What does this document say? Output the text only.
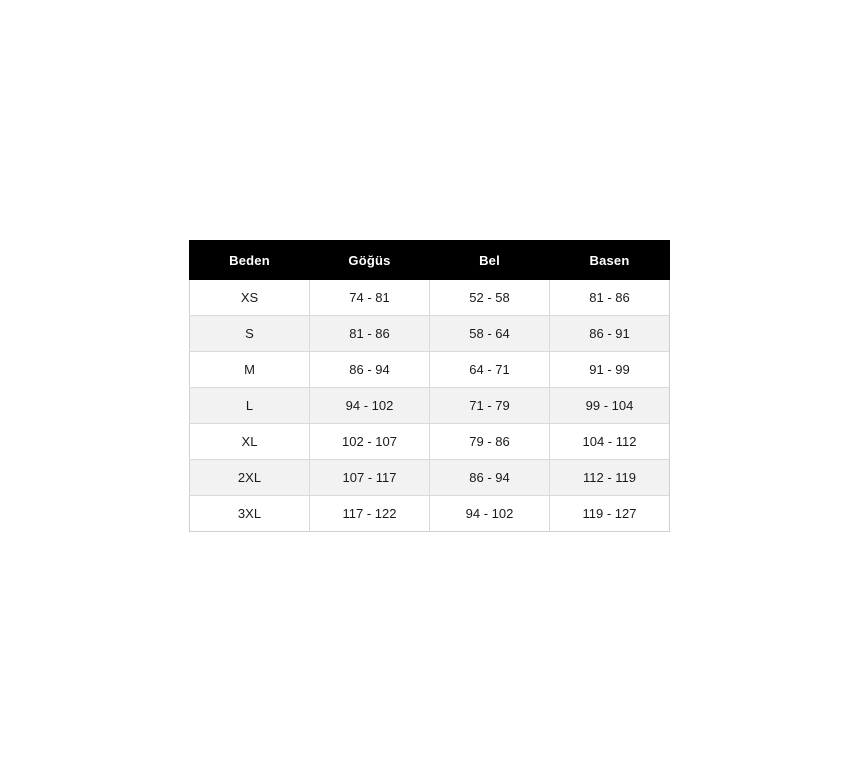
Beden	Göğüs	Bel	Basen
XS	74 - 81	52 - 58	81 - 86
S	81 - 86	58 - 64	86 - 91
M	86 - 94	64 - 71	91 - 99
L	94 - 102	71 - 79	99 - 104
XL	102 - 107	79 - 86	104 - 112
2XL	107 - 117	86 - 94	112 - 119
3XL	117 - 122	94 - 102	119 - 127
